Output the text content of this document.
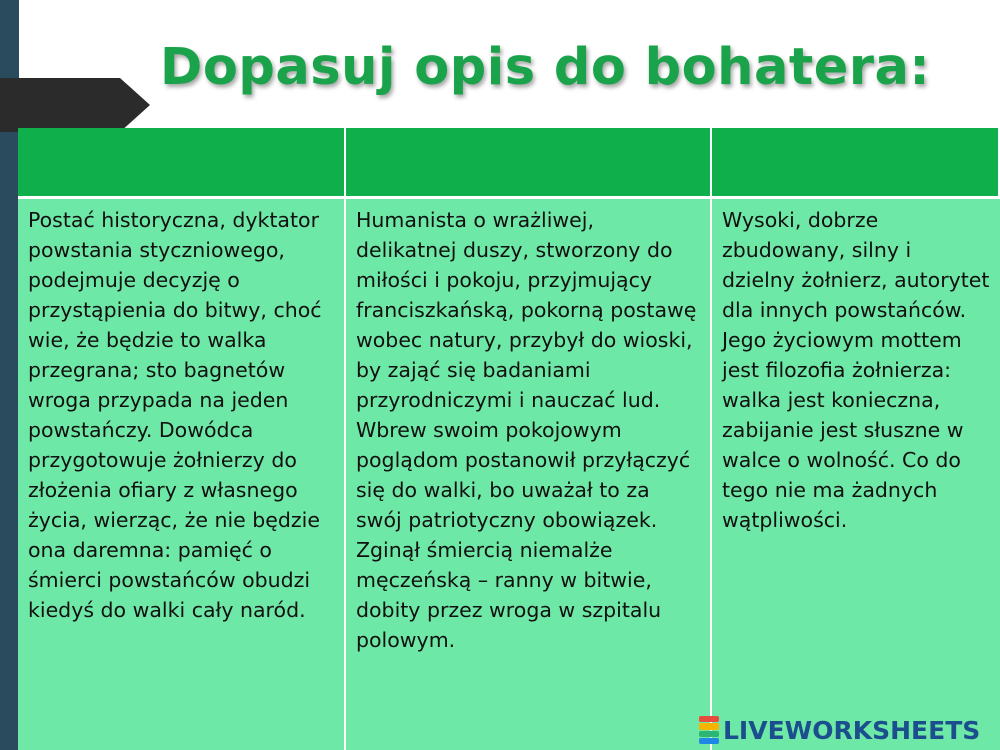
Dopasuj opis do bohatera:
Postać historyczna, dyktator powstania styczniowego, podejmuje decyzję o przystąpienia do bitwy, choć wie, że będzie to walka przegrana; sto bagnetów wroga przypada na jeden powstańczy. Dowódca przygotowuje żołnierzy do złożenia ofiary z własnego życia, wierząc, że nie będzie ona daremna: pamięć o śmierci powstańców obudzi kiedyś do walki cały naród.
Humanista o wrażliwej, delikatnej duszy, stworzony do miłości i pokoju, przyjmujący franciszkańską, pokorną postawę wobec natury, przybył do wioski, by zająć się badaniami przyrodniczymi i nauczać lud. Wbrew swoim pokojowym poglądom postanowił przyłączyć się do walki, bo uważał to za swój patriotyczny obowiązek. Zginął śmiercią niemalże męczeńską – ranny w bitwie, dobity przez wroga w szpitalu polowym.
Wysoki, dobrze zbudowany, silny i dzielny żołnierz, autorytet dla innych powstańców. Jego życiowym mottem jest filozofia żołnierza: walka jest konieczna, zabijanie jest słuszne w walce o wolność. Co do tego nie ma żadnych wątpliwości.
LIVEWORKSHEETS
